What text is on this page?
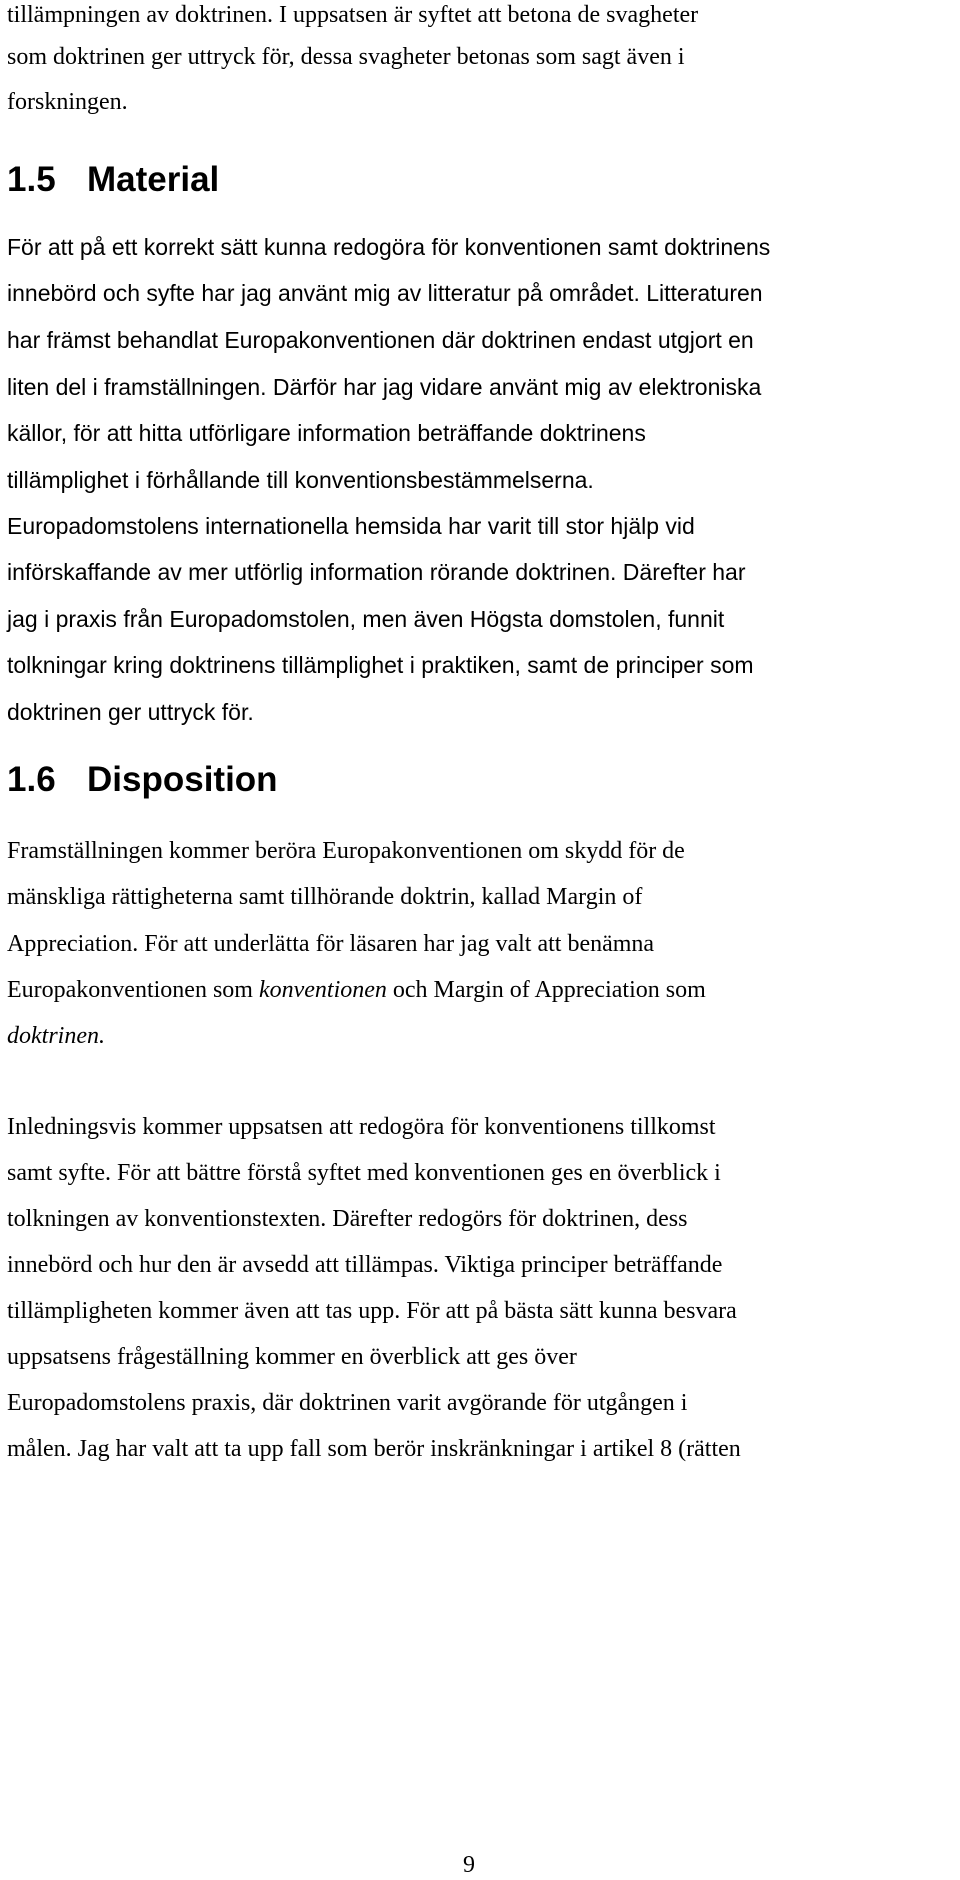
tillämpningen av doktrinen. I uppsatsen är syftet att betona de svagheter
som doktrinen ger uttryck för, dessa svagheter betonas som sagt även i
forskningen.
1.5 Material
För att på ett korrekt sätt kunna redogöra för konventionen samt doktrinens
innebörd och syfte har jag använt mig av litteratur på området. Litteraturen
har främst behandlat Europakonventionen där doktrinen endast utgjort en
liten del i framställningen. Därför har jag vidare använt mig av elektroniska
källor, för att hitta utförligare information beträffande doktrinens
tillämplighet i förhållande till konventionsbestämmelserna.
Europadomstolens internationella hemsida har varit till stor hjälp vid
införskaffande av mer utförlig information rörande doktrinen. Därefter har
jag i praxis från Europadomstolen, men även Högsta domstolen, funnit
tolkningar kring doktrinens tillämplighet i praktiken, samt de principer som
doktrinen ger uttryck för.
1.6 Disposition
Framställningen kommer beröra Europakonventionen om skydd för de
mänskliga rättigheterna samt tillhörande doktrin, kallad Margin of
Appreciation. För att underlätta för läsaren har jag valt att benämna
Europakonventionen som konventionen och Margin of Appreciation som
doktrinen.
Inledningsvis kommer uppsatsen att redogöra för konventionens tillkomst
samt syfte. För att bättre förstå syftet med konventionen ges en överblick i
tolkningen av konventionstexten. Därefter redogörs för doktrinen, dess
innebörd och hur den är avsedd att tillämpas. Viktiga principer beträffande
tillämpligheten kommer även att tas upp. För att på bästa sätt kunna besvara
uppsatsens frågeställning kommer en överblick att ges över
Europadomstolens praxis, där doktrinen varit avgörande för utgången i
målen. Jag har valt att ta upp fall som berör inskränkningar i artikel 8 (rätten
9
